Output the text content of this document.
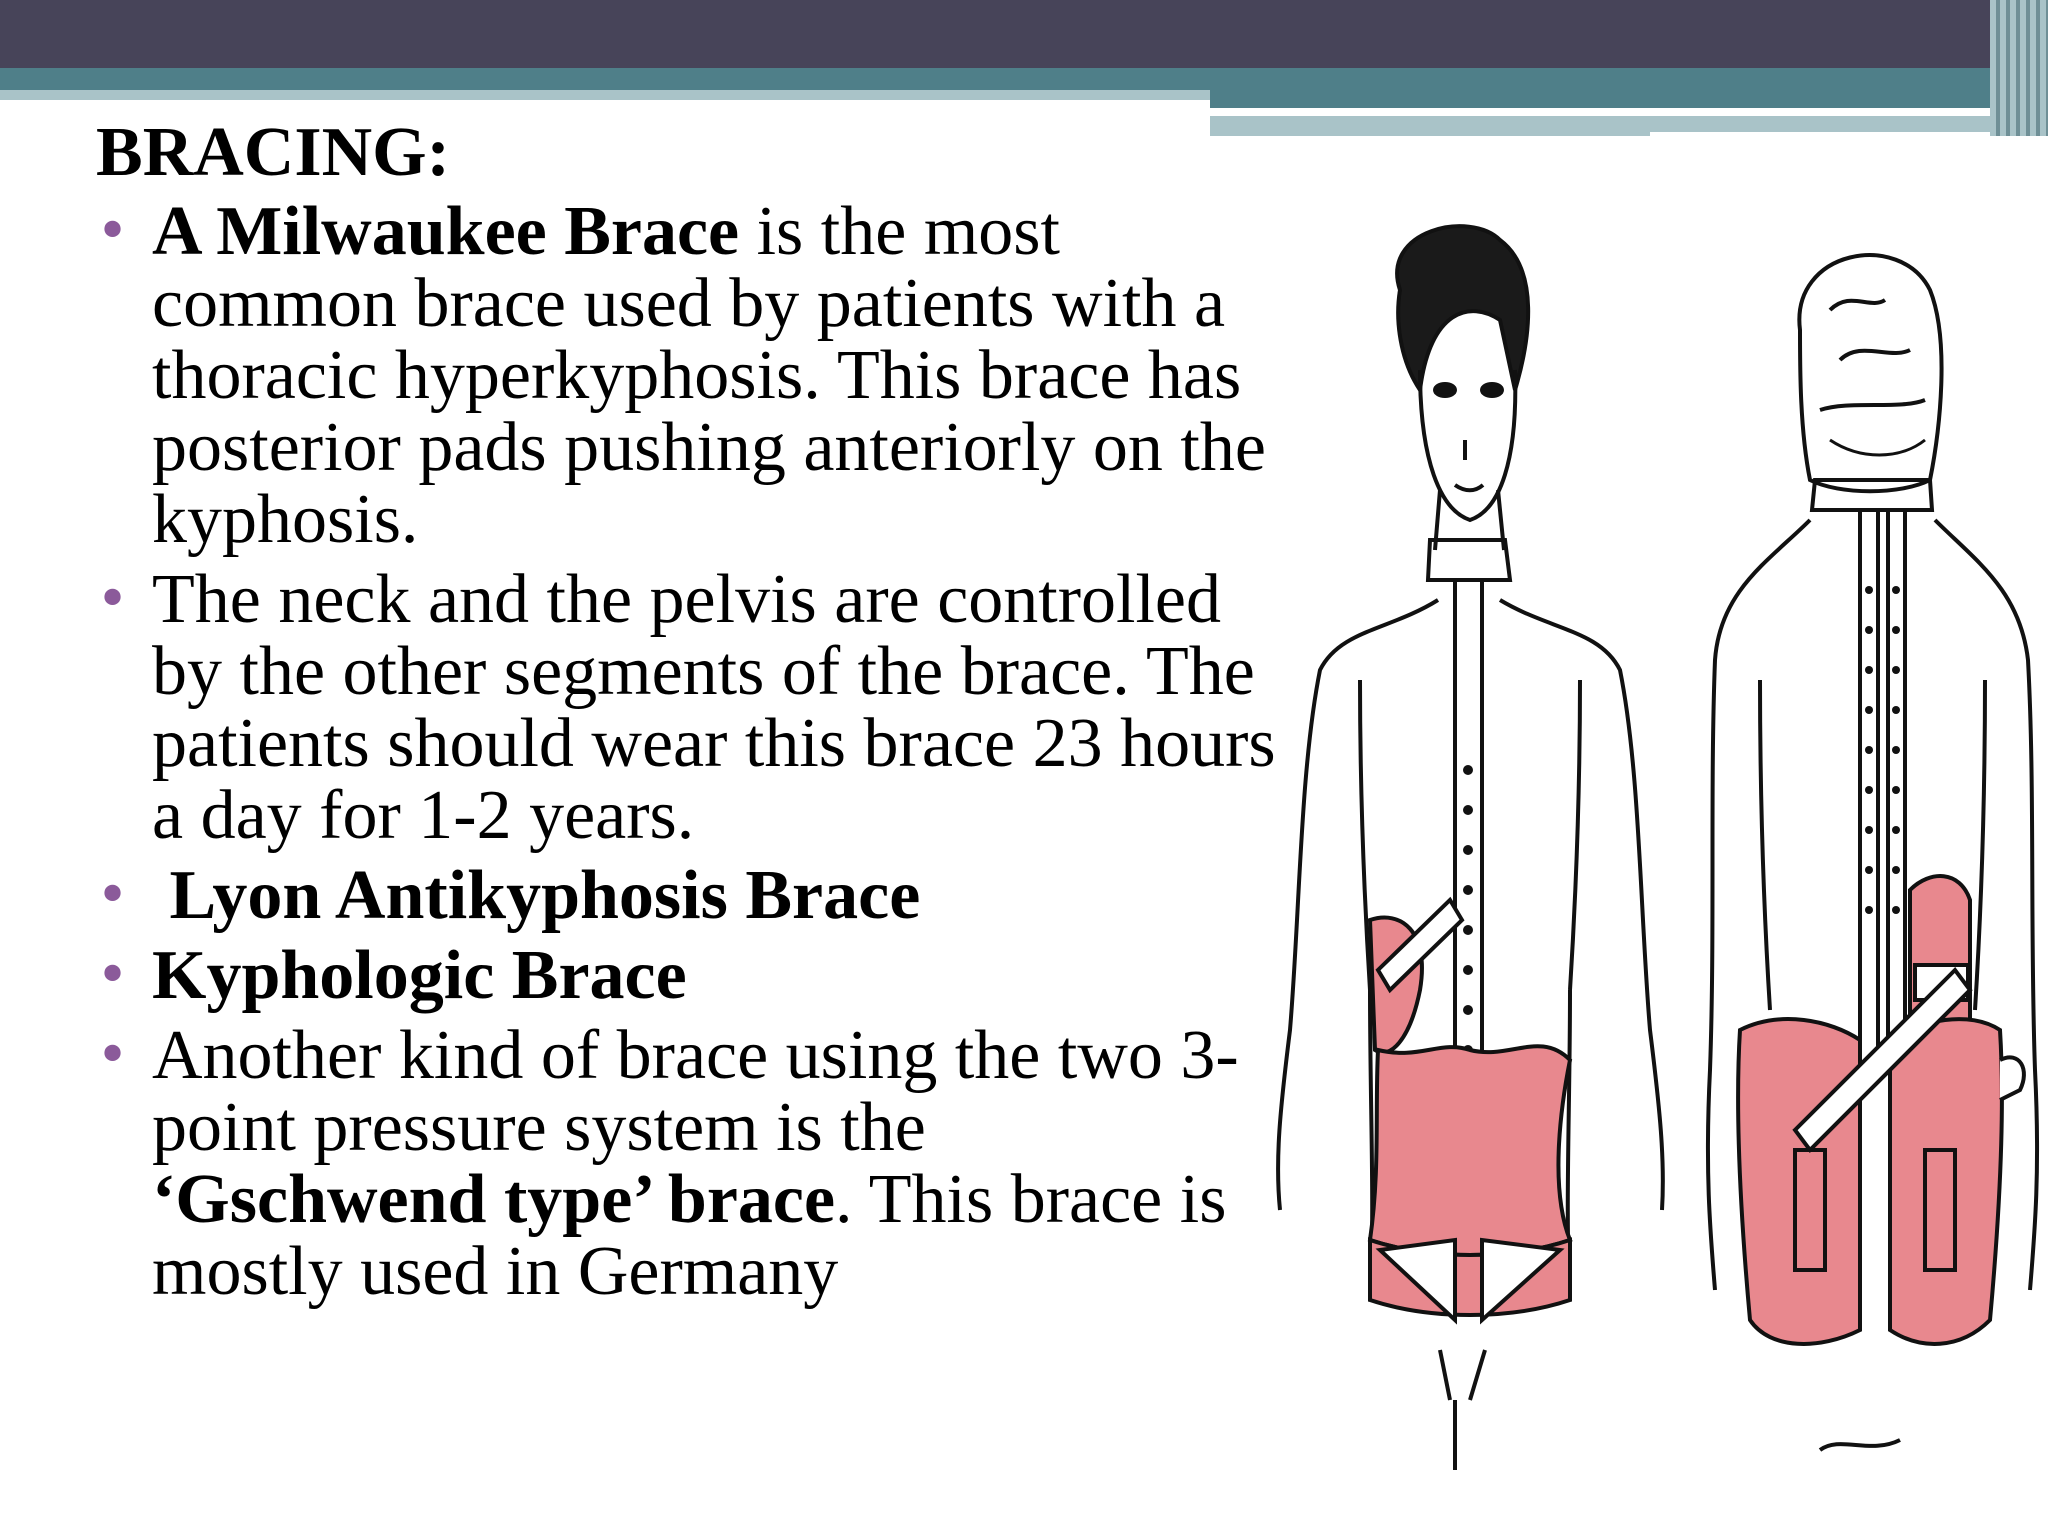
BRACING:
• A Milwaukee Brace is the most common brace used by patients with a thoracic hyperkyphosis. This brace has posterior pads pushing anteriorly on the kyphosis.
• The neck and the pelvis are controlled by the other segments of the brace. The patients should wear this brace 23 hours a day for 1-2 years.
• Lyon Antikyphosis Brace
• Kyphologic Brace
• Another kind of brace using the two 3-point pressure system is the ‘Gschwend type’ brace. This brace is mostly used in Germany
